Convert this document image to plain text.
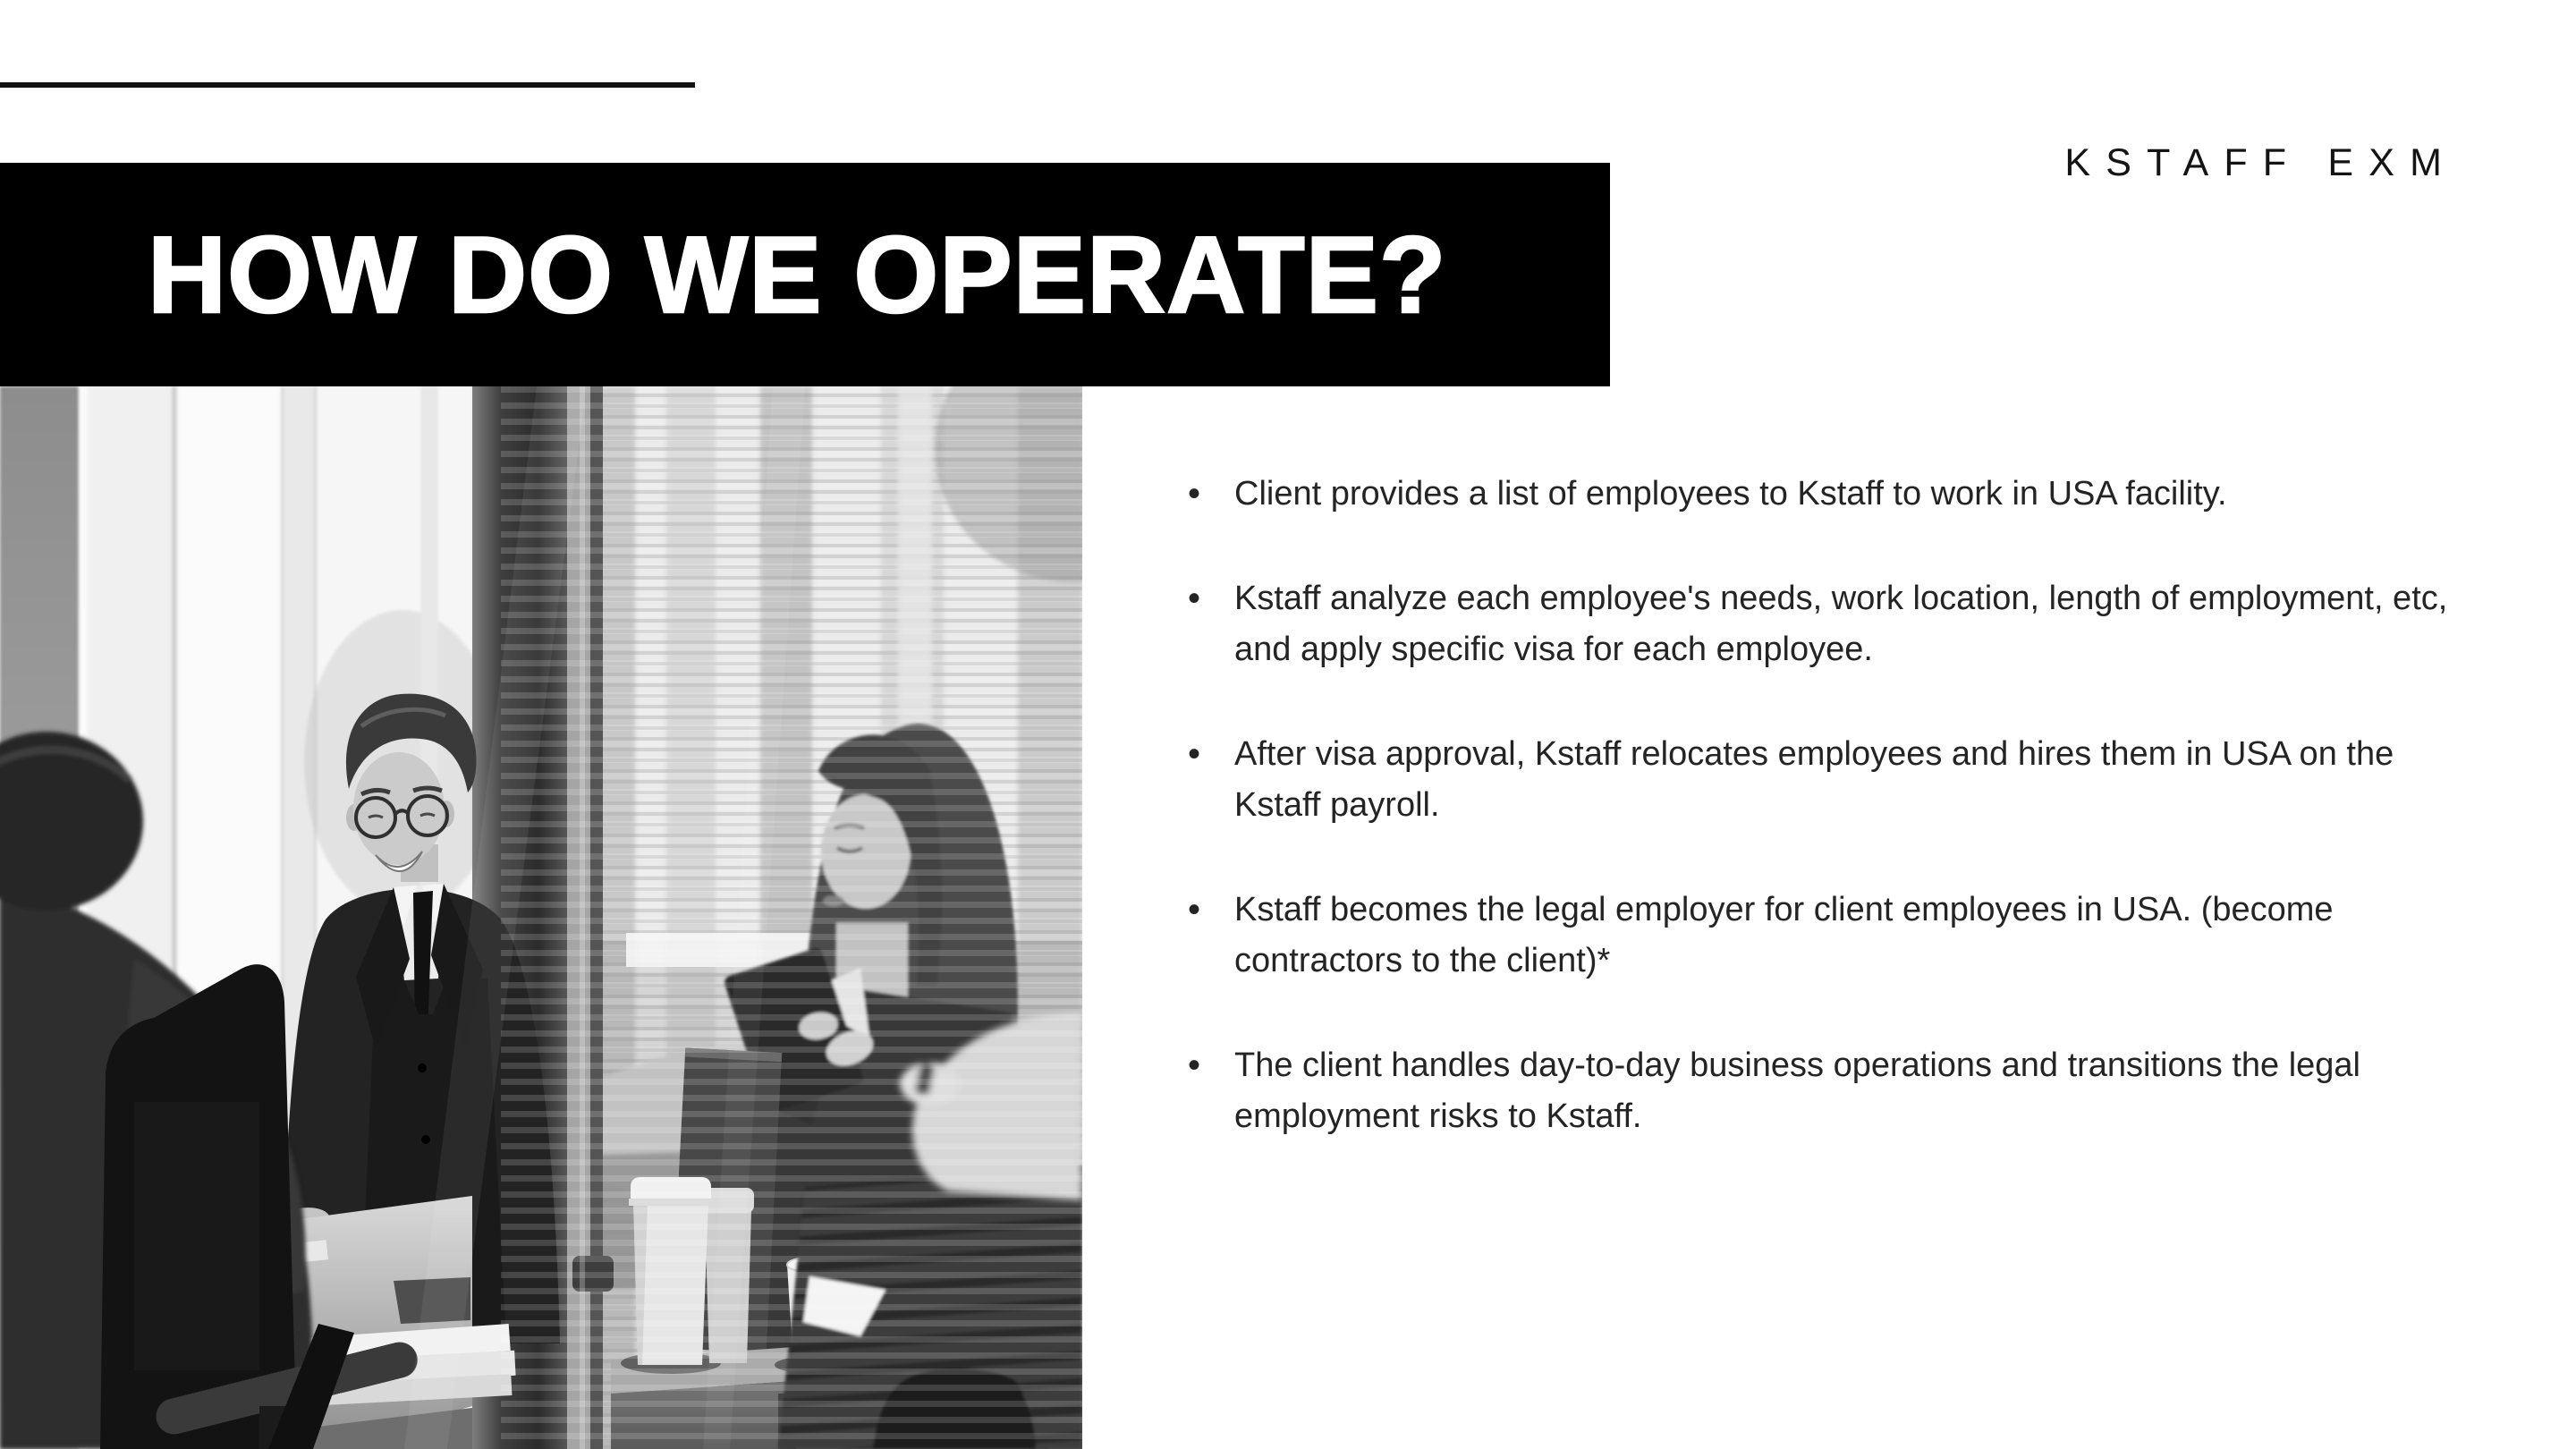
KSTAFF EXM
HOW DO WE OPERATE?
• Client provides a list of employees to Kstaff to work in USA facility.
• Kstaff analyze each employee's needs, work location, length of employment, etc, and apply specific visa for each employee.
• After visa approval, Kstaff relocates employees and hires them in USA on the Kstaff payroll.
• Kstaff becomes the legal employer for client employees in USA. (become contractors to the client)*
• The client handles day-to-day business operations and transitions the legal employment risks to Kstaff.
